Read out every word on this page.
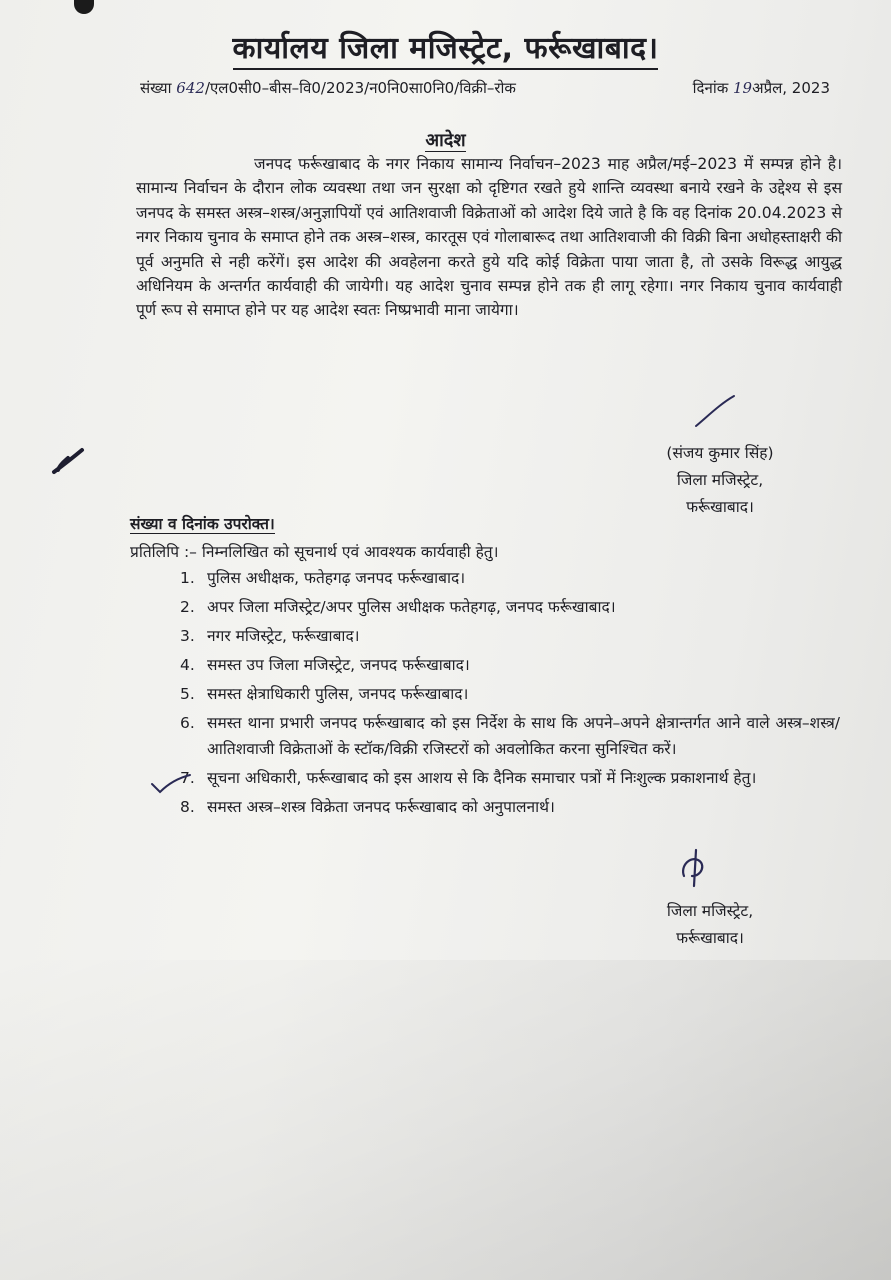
कार्यालय जिला मजिस्ट्रेट, फर्रूखाबाद।
संख्या 642/एल0सी0–बीस–वि0/2023/न0नि0सा0नि0/विक्री–रोक	दिनांक 19अप्रैल, 2023
आदेश
जनपद फर्रूखाबाद के नगर निकाय सामान्य निर्वाचन–2023 माह अप्रैल/मई–2023 में सम्पन्न होने है। सामान्य निर्वाचन के दौरान लोक व्यवस्था तथा जन सुरक्षा को दृष्टिगत रखते हुये शान्ति व्यवस्था बनाये रखने के उद्देश्य से इस जनपद के समस्त अस्त्र–शस्त्र/अनुज्ञापियों एवं आतिशवाजी विक्रेताओं को आदेश दिये जाते है कि वह दिनांक 20.04.2023 से नगर निकाय चुनाव के समाप्त होने तक अस्त्र–शस्त्र, कारतूस एवं गोलाबारूद तथा आतिशवाजी की विक्री बिना अधोहस्ताक्षरी की पूर्व अनुमति से नही करेंगें। इस आदेश की अवहेलना करते हुये यदि कोई विक्रेता पाया जाता है, तो उसके विरूद्ध आयुद्ध अधिनियम के अन्तर्गत कार्यवाही की जायेगी। यह आदेश चुनाव सम्पन्न होने तक ही लागू रहेगा। नगर निकाय चुनाव कार्यवाही पूर्ण रूप से समाप्त होने पर यह आदेश स्वतः निष्प्रभावी माना जायेगा।
(संजय कुमार सिंह)
जिला मजिस्ट्रेट,
फर्रूखाबाद।
संख्या व दिनांक उपरोक्त।
प्रतिलिपि :– निम्नलिखित को सूचनार्थ एवं आवश्यक कार्यवाही हेतु।
1. पुलिस अधीक्षक, फतेहगढ़ जनपद फर्रूखाबाद।
2. अपर जिला मजिस्ट्रेट/अपर पुलिस अधीक्षक फतेहगढ़, जनपद फर्रूखाबाद।
3. नगर मजिस्ट्रेट, फर्रूखाबाद।
4. समस्त उप जिला मजिस्ट्रेट, जनपद फर्रूखाबाद।
5. समस्त क्षेत्राधिकारी पुलिस, जनपद फर्रूखाबाद।
6. समस्त थाना प्रभारी जनपद फर्रूखाबाद को इस निर्देश के साथ कि अपने–अपने क्षेत्रान्तर्गत आने वाले अस्त्र–शस्त्र/आतिशवाजी विक्रेताओं के स्टॉक/विक्री रजिस्टरों को अवलोकित करना सुनिश्चित करें।
7. सूचना अधिकारी, फर्रूखाबाद को इस आशय से कि दैनिक समाचार पत्रों में निःशुल्क प्रकाशनार्थ हेतु।
8. समस्त अस्त्र–शस्त्र विक्रेता जनपद फर्रूखाबाद को अनुपालनार्थ।
जिला मजिस्ट्रेट,
फर्रूखाबाद।
